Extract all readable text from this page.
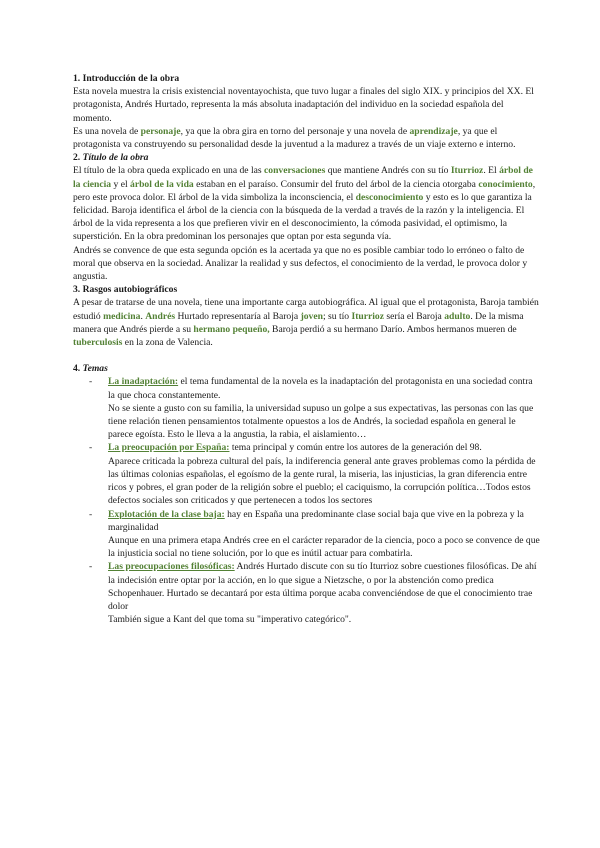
1. Introducción de la obra

Esta novela muestra la crisis existencial noventayochista, que tuvo lugar a finales del siglo XIX. y principios del XX. El protagonista, Andrés Hurtado, representa la más absoluta inadaptación del individuo en la sociedad española del momento.

Es una novela de personaje, ya que la obra gira en torno del personaje y una novela de aprendizaje, ya que el protagonista va construyendo su personalidad desde la juventud a la madurez a través de un viaje externo e interno.

2. Título de la obra

El título de la obra queda explicado en una de las conversaciones que mantiene Andrés con su tío Iturrioz. El árbol de la ciencia y el árbol de la vida estaban en el paraíso. Consumir del fruto del árbol de la ciencia otorgaba conocimiento, pero este provoca dolor. El árbol de la vida simboliza la inconsciencia, el desconocimiento y esto es lo que garantiza la felicidad. Baroja identifica el árbol de la ciencia con la búsqueda de la verdad a través de la razón y la inteligencia. El árbol de la vida representa a los que prefieren vivir en el desconocimiento, la cómoda pasividad, el optimismo, la superstición. En la obra predominan los personajes que optan por esta segunda vía.

Andrés se convence de que esta segunda opción es la acertada ya que no es posible cambiar todo lo erróneo o falto de moral que observa en la sociedad. Analizar la realidad y sus defectos, el conocimiento de la verdad, le provoca dolor y angustia.

3. Rasgos autobiográficos

A pesar de tratarse de una novela, tiene una importante carga autobiográfica. Al igual que el protagonista, Baroja también estudió medicina. Andrés Hurtado representaría al Baroja joven; su tío Iturrioz sería el Baroja adulto. De la misma manera que Andrés pierde a su hermano pequeño, Baroja perdió a su hermano Darío. Ambos hermanos mueren de tuberculosis en la zona de Valencia.

4. Temas

- La inadaptación: el tema fundamental de la novela es la inadaptación del protagonista en una sociedad contra la que choca constantemente.

No se siente a gusto con su familia, la universidad supuso un golpe a sus expectativas, las personas con las que tiene relación tienen pensamientos totalmente opuestos a los de Andrés, la sociedad española en general le parece egoísta. Esto le lleva a la angustia, la rabia, el aislamiento…

- La preocupación por España: tema principal y común entre los autores de la generación del 98.

Aparece criticada la pobreza cultural del país, la indiferencia general ante graves problemas como la pérdida de las últimas colonias españolas, el egoísmo de la gente rural, la miseria, las injusticias, la gran diferencia entre ricos y pobres, el gran poder de la religión sobre el pueblo; el caciquismo, la corrupción política…Todos estos defectos sociales son criticados y que pertenecen a todos los sectores

- Explotación de la clase baja: hay en España una predominante clase social baja que vive en la pobreza y la marginalidad

Aunque en una primera etapa Andrés cree en el carácter reparador de la ciencia, poco a poco se convence de que la injusticia social no tiene solución, por lo que es inútil actuar para combatirla.

- Las preocupaciones filosóficas: Andrés Hurtado discute con su tío Iturrioz sobre cuestiones filosóficas. De ahí la indecisión entre optar por la acción, en lo que sigue a Nietzsche, o por la abstención como predica Schopenhauer. Hurtado se decantará por esta última porque acaba convenciéndose de que el conocimiento trae dolor

También sigue a Kant del que toma su "imperativo categórico".
